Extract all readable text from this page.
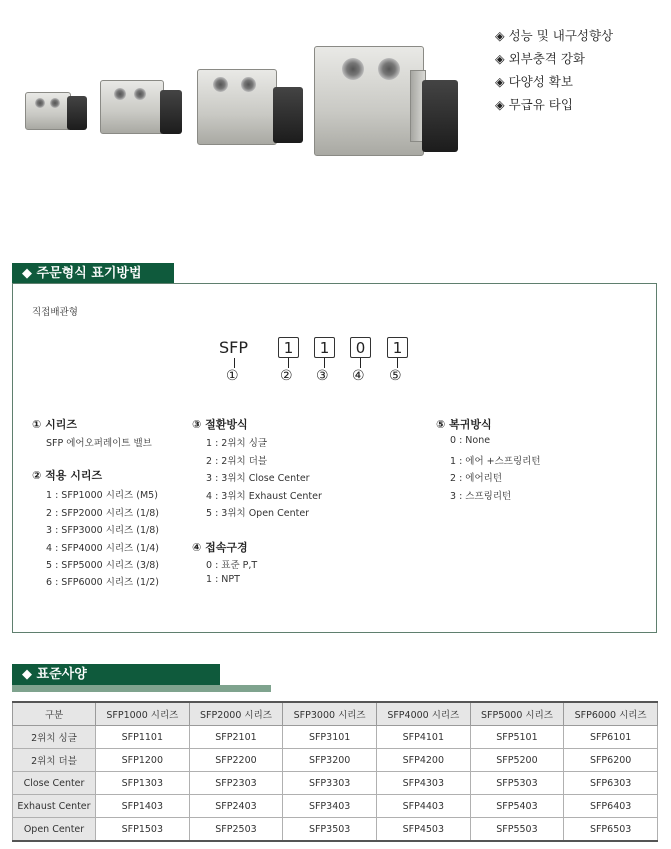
◈ 성능 및 내구성향상
◈ 외부충격 강화
◈ 다양성 확보
◈ 무급유 타입
◆ 주문형식 표기방법
직접배관형
SFP	1	1	0	1
①	② ③ ④ ⑤
① 시리즈
SFP 에어오퍼레이트 밸브
② 적용 시리즈
1 : SFP1000 시리즈 (M5)
2 : SFP2000 시리즈 (1/8)
3 : SFP3000 시리즈 (1/8)
4 : SFP4000 시리즈 (1/4)
5 : SFP5000 시리즈 (3/8)
6 : SFP6000 시리즈 (1/2)
③ 절환방식
1 : 2위치 싱글
2 : 2위치 더블
3 : 3위치 Close Center
4 : 3위치 Exhaust Center
5 : 3위치 Open Center
④ 접속구경
0 : 표준 P,T
1 : NPT
⑤ 복귀방식
0 : None
1 : 에어 +스프링리턴
2 : 에어리턴
3 : 스프링리턴
◆ 표준사양
구분	SFP1000 시리즈	SFP2000 시리즈	SFP3000 시리즈	SFP4000 시리즈	SFP5000 시리즈	SFP6000 시리즈
2위치 싱글	SFP1101	SFP2101	SFP3101	SFP4101	SFP5101	SFP6101
2위치 더블	SFP1200	SFP2200	SFP3200	SFP4200	SFP5200	SFP6200
Close Center	SFP1303	SFP2303	SFP3303	SFP4303	SFP5303	SFP6303
Exhaust Center	SFP1403	SFP2403	SFP3403	SFP4403	SFP5403	SFP6403
Open Center	SFP1503	SFP2503	SFP3503	SFP4503	SFP5503	SFP6503
